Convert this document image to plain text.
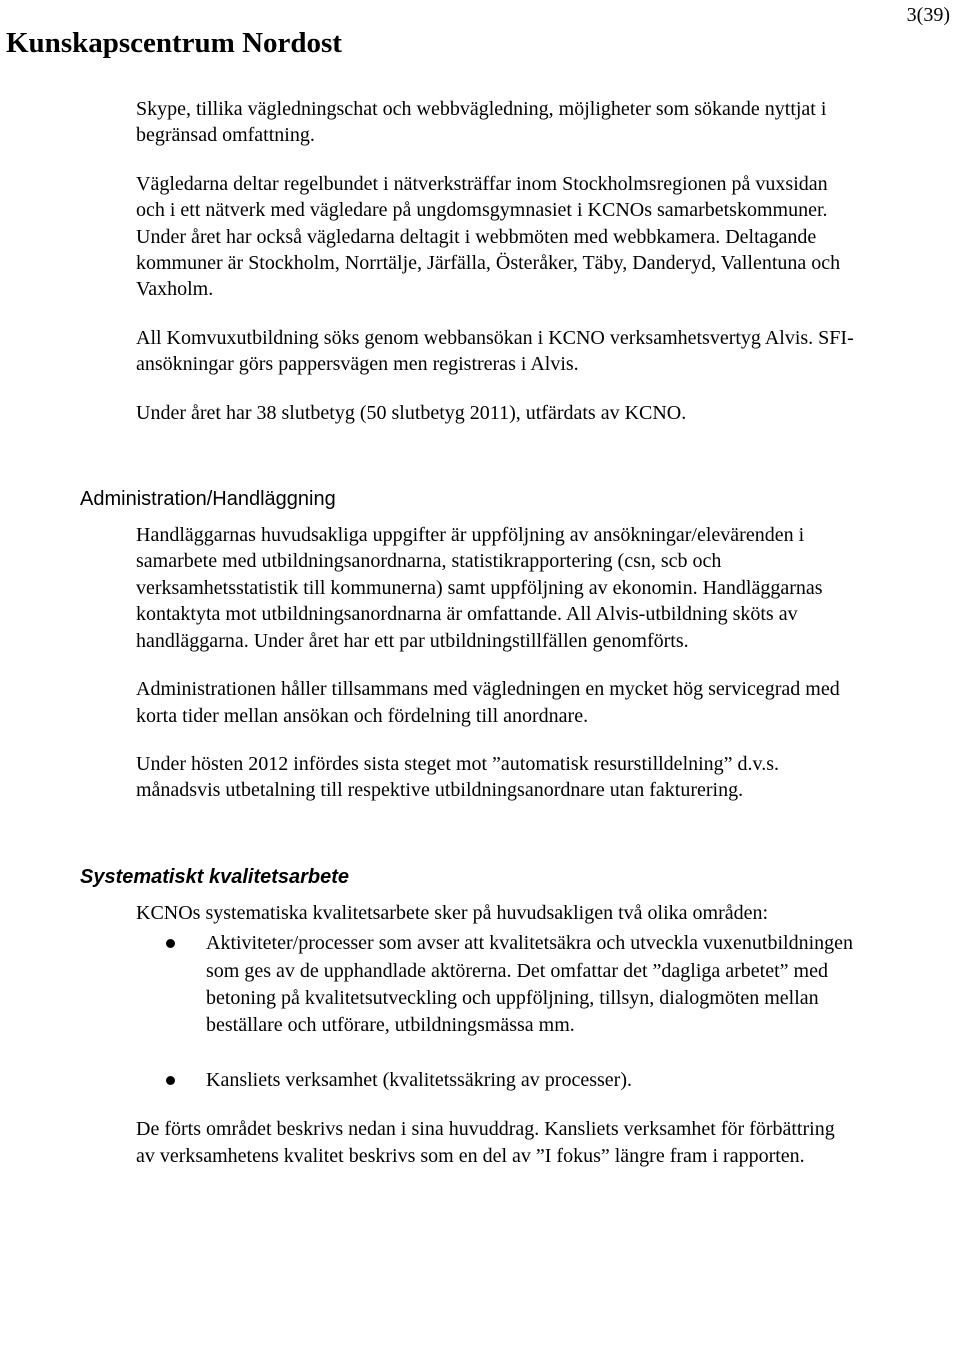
Kunskapscentrum Nordost
3(39)

Skype, tillika vägledningschat och webbvägledning, möjligheter som sökande nyttjat i begränsad omfattning.

Vägledarna deltar regelbundet i nätverksträffar inom Stockholmsregionen på vuxsidan och i ett nätverk med vägledare på ungdomsgymnasiet i KCNOs samarbetskommuner. Under året har också vägledarna deltagit i webbmöten med webbkamera. Deltagande kommuner är Stockholm, Norrtälje, Järfälla, Österåker, Täby, Danderyd, Vallentuna och Vaxholm.

All Komvuxutbildning söks genom webbansökan i KCNO verksamhetsvertyg Alvis. SFI-ansökningar görs pappersvägen men registreras i Alvis.

Under året har 38 slutbetyg (50 slutbetyg 2011), utfärdats av KCNO.

Administration/Handläggning

Handläggarnas huvudsakliga uppgifter är uppföljning av ansökningar/elevärenden i samarbete med utbildningsanordnarna, statistikrapportering (csn, scb och verksamhetsstatistik till kommunerna) samt uppföljning av ekonomin. Handläggarnas kontaktyta mot utbildningsanordnarna är omfattande. All Alvis-utbildning sköts av handläggarna. Under året har ett par utbildningstillfällen genomförts.

Administrationen håller tillsammans med vägledningen en mycket hög servicegrad med korta tider mellan ansökan och fördelning till anordnare.

Under hösten 2012 infördes sista steget mot ”automatisk resurstilldelning” d.v.s. månadsvis utbetalning till respektive utbildningsanordnare utan fakturering.

Systematiskt kvalitetsarbete

KCNOs systematiska kvalitetsarbete sker på huvudsakligen två olika områden:

Aktiviteter/processer som avser att kvalitetsäkra och utveckla vuxenutbildningen som ges av de upphandlade aktörerna. Det omfattar det ”dagliga arbetet” med betoning på kvalitetsutveckling och uppföljning, tillsyn, dialogmöten mellan beställare och utförare, utbildningsmässa mm.
Kansliets verksamhet (kvalitetssäkring av processer).

De förts området beskrivs nedan i sina huvuddrag. Kansliets verksamhet för förbättring av verksamhetens kvalitet beskrivs som en del av ”I fokus” längre fram i rapporten.
